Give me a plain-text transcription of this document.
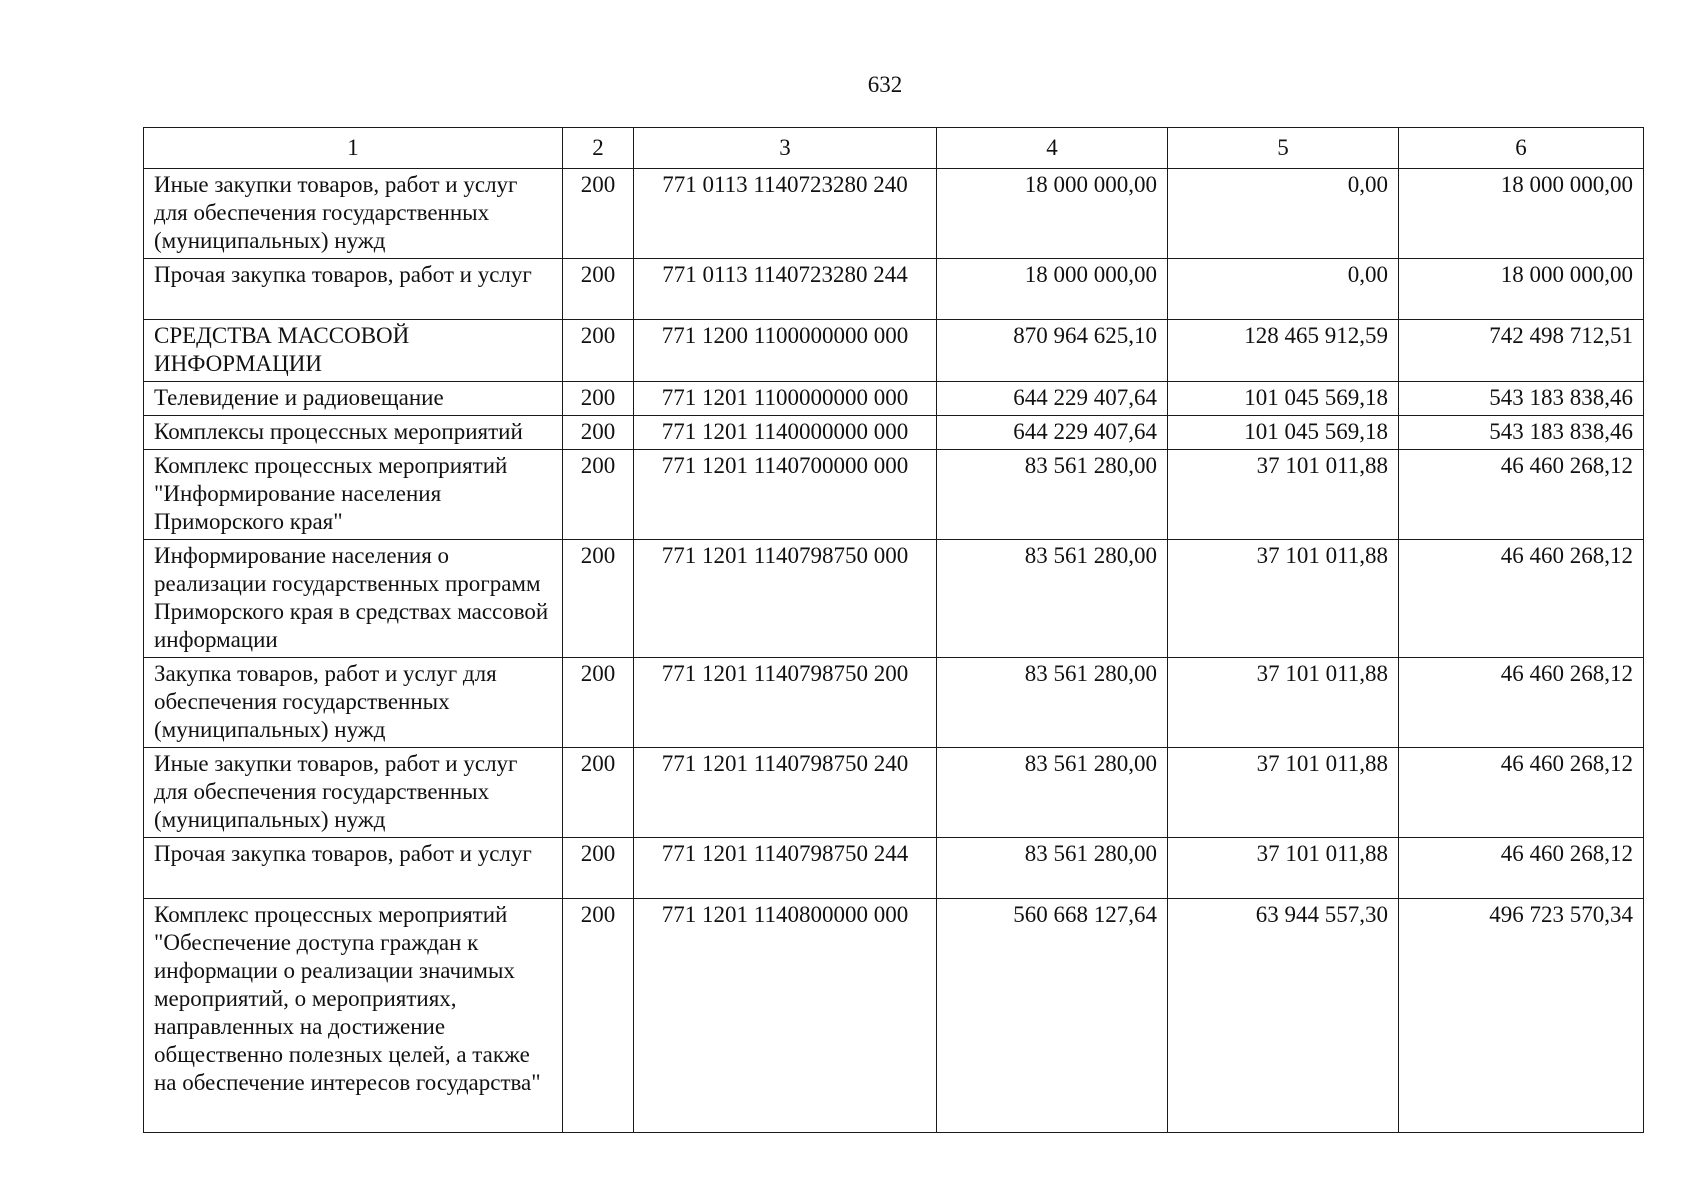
632
1	2	3	4	5	6
Иные закупки товаров, работ и услуг для обеспечения государственных (муниципальных) нужд	200	771 0113 1140723280 240	18 000 000,00	0,00	18 000 000,00
Прочая закупка товаров, работ и услуг	200	771 0113 1140723280 244	18 000 000,00	0,00	18 000 000,00
СРЕДСТВА МАССОВОЙ ИНФОРМАЦИИ	200	771 1200 1100000000 000	870 964 625,10	128 465 912,59	742 498 712,51
Телевидение и радиовещание	200	771 1201 1100000000 000	644 229 407,64	101 045 569,18	543 183 838,46
Комплексы процессных мероприятий	200	771 1201 1140000000 000	644 229 407,64	101 045 569,18	543 183 838,46
Комплекс процессных мероприятий "Информирование населения Приморского края"	200	771 1201 1140700000 000	83 561 280,00	37 101 011,88	46 460 268,12
Информирование населения о реализации государственных программ Приморского края в средствах массовой информации	200	771 1201 1140798750 000	83 561 280,00	37 101 011,88	46 460 268,12
Закупка товаров, работ и услуг для обеспечения государственных (муниципальных) нужд	200	771 1201 1140798750 200	83 561 280,00	37 101 011,88	46 460 268,12
Иные закупки товаров, работ и услуг для обеспечения государственных (муниципальных) нужд	200	771 1201 1140798750 240	83 561 280,00	37 101 011,88	46 460 268,12
Прочая закупка товаров, работ и услуг	200	771 1201 1140798750 244	83 561 280,00	37 101 011,88	46 460 268,12
Комплекс процессных мероприятий "Обеспечение доступа граждан к информации о реализации значимых мероприятий, о мероприятиях, направленных на достижение общественно полезных целей, а также на обеспечение интересов государства"	200	771 1201 1140800000 000	560 668 127,64	63 944 557,30	496 723 570,34
